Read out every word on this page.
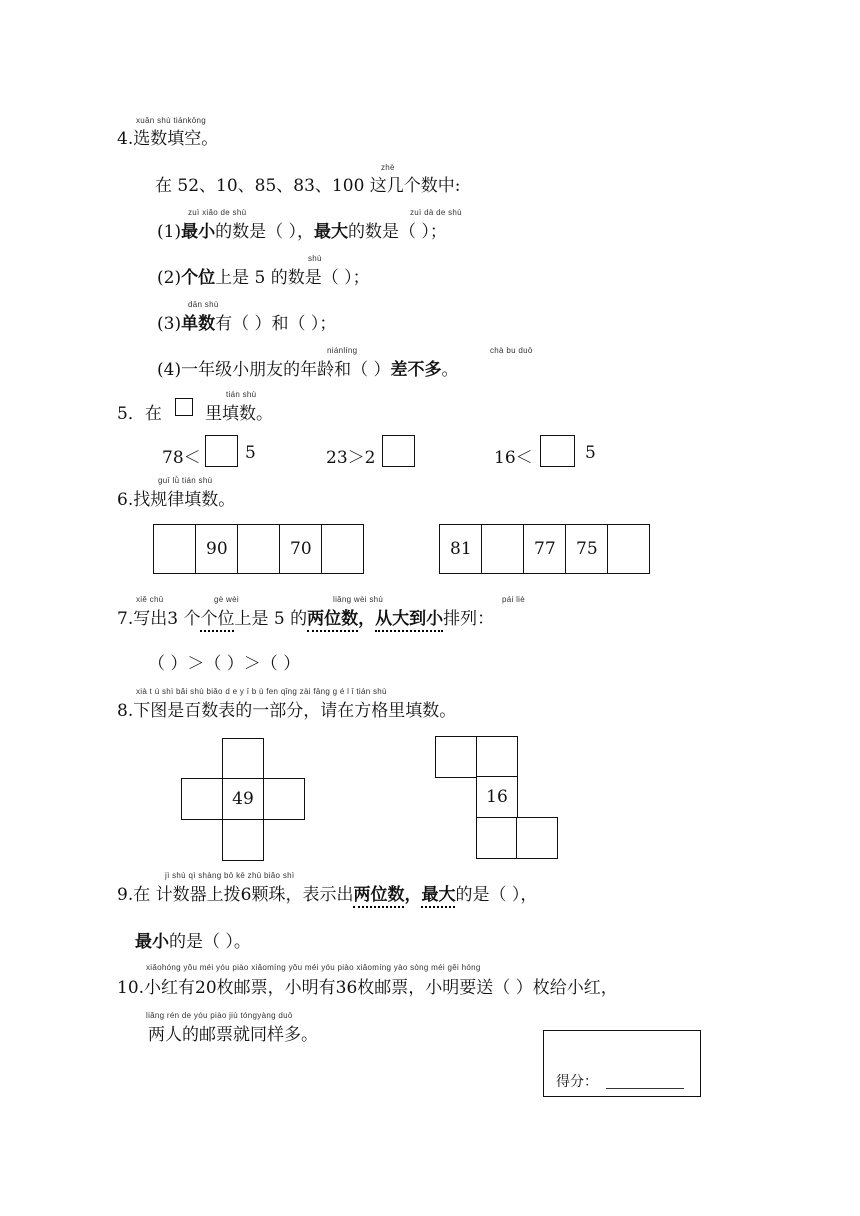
xuǎn shù tiánkōng
4.选数填空。
zhè
在 52、10、85、83、100 这几个数中:
zuì xiǎo de shù	zuì dà de shù
(1)最小的数是（ ），最大的数是（ ）；
shù
(2)个位上是 5 的数是（ ）；
dān shù
(3)单数有（ ）和（ ）；
niánlíng	chà bu duō
(4)一年级小朋友的年龄和（ ）差不多。
tián shù
5．在	里填数。
78＜	5	23＞2	16＜	5
guī lǜ tián shù
6.找规律填数。
90	70	81	77	75
xiě chū	gè wèi	liǎng wèi shù	pái liè
7.写出3 个个位上是 5 的两位数，从大到小排列：
（ ）＞（ ）＞（ ）
xià t ú shì bǎi shù biǎo d e y ī b ù fen qǐng zài fāng g é l ǐ tián shù
8.下图是百数表的一部分，请在方格里填数。
49	16
jì shù qì shàng bō kē zhū biǎo shì
9.在 计数器上拨6颗珠，表示出两位数，最大的是（ ），
最小的是（ ）。
xiǎohóng yǒu méi yóu piào xiǎomíng yǒu méi yóu piào xiǎomíng yào sòng méi gěi hóng
10.小红有20枚邮票，小明有36枚邮票，小明要送（ ）枚给小红，
liǎng rén de yóu piào jiù tóngyàng duō
两人的邮票就同样多。
得分：
